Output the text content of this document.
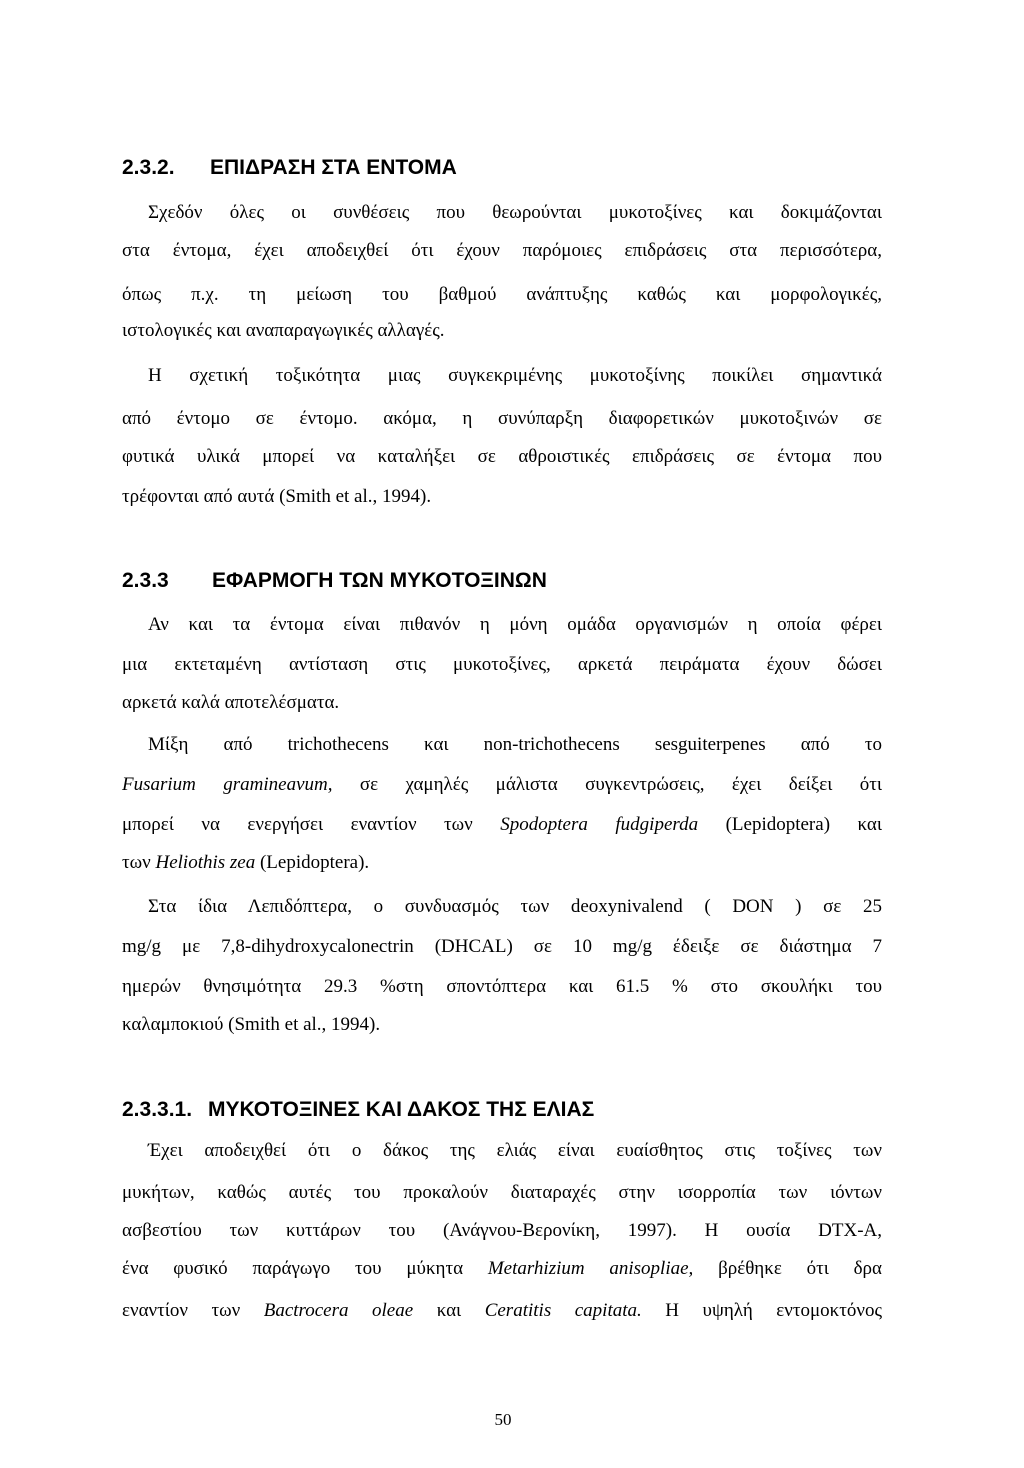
2.3.2. ΕΠΙΔΡΑΣΗ ΣΤΑ ΕΝΤΟΜΑ
Σχεδόν όλες οι συνθέσεις που θεωρούνται μυκοτοξίνες και δοκιμάζονται
στα έντομα, έχει αποδειχθεί ότι έχουν παρόμοιες επιδράσεις στα περισσότερα,
όπως π.χ. τη μείωση του βαθμού ανάπτυξης καθώς και μορφολογικές,
ιστολογικές και αναπαραγωγικές αλλαγές.
Η σχετική τοξικότητα μιας συγκεκριμένης μυκοτοξίνης ποικίλει σημαντικά
από έντομο σε έντομο. ακόμα, η συνύπαρξη διαφορετικών μυκοτοξινών σε
φυτικά υλικά μπορεί να καταλήξει σε αθροιστικές επιδράσεις σε έντομα που
τρέφονται από αυτά (Smith et al., 1994).
2.3.3 ΕΦΑΡΜΟΓΗ ΤΩΝ ΜΥΚΟΤΟΞΙΝΩΝ
Αν και τα έντομα είναι πιθανόν η μόνη ομάδα οργανισμών η οποία φέρει
μια εκτεταμένη αντίσταση στις μυκοτοξίνες, αρκετά πειράματα έχουν δώσει
αρκετά καλά αποτελέσματα.
Μίξη από trichothecens και non-trichothecens sesguiterpenes από το
Fusarium gramineavum, σε χαμηλές μάλιστα συγκεντρώσεις, έχει δείξει ότι
μπορεί να ενεργήσει εναντίον των Spodoptera fudgiperda (Lepidoptera) και
των Heliothis zea (Lepidoptera).
Στα ίδια Λεπιδόπτερα, ο συνδυασμός των deoxynivalend ( DON ) σε 25
mg/g με 7,8-dihydroxycalonectrin (DHCAL) σε 10 mg/g έδειξε σε διάστημα 7
ημερών θνησιμότητα 29.3 %στη σποντόπτερα και 61.5 % στο σκουλήκι του
καλαμποκιού (Smith et al., 1994).
2.3.3.1. ΜΥΚΟΤΟΞΙΝΕΣ ΚΑΙ ΔΑΚΟΣ ΤΗΣ ΕΛΙΑΣ
Έχει αποδειχθεί ότι ο δάκος της ελιάς είναι ευαίσθητος στις τοξίνες των
μυκήτων, καθώς αυτές του προκαλούν διαταραχές στην ισορροπία των ιόντων
ασβεστίου των κυττάρων του (Ανάγνου-Βερονίκη, 1997). Η ουσία DTX-A,
ένα φυσικό παράγωγο του μύκητα Metarhizium anisopliae, βρέθηκε ότι δρα
εναντίον των Bactrocera oleae και Ceratitis capitata. Η υψηλή εντομοκτόνος
50
